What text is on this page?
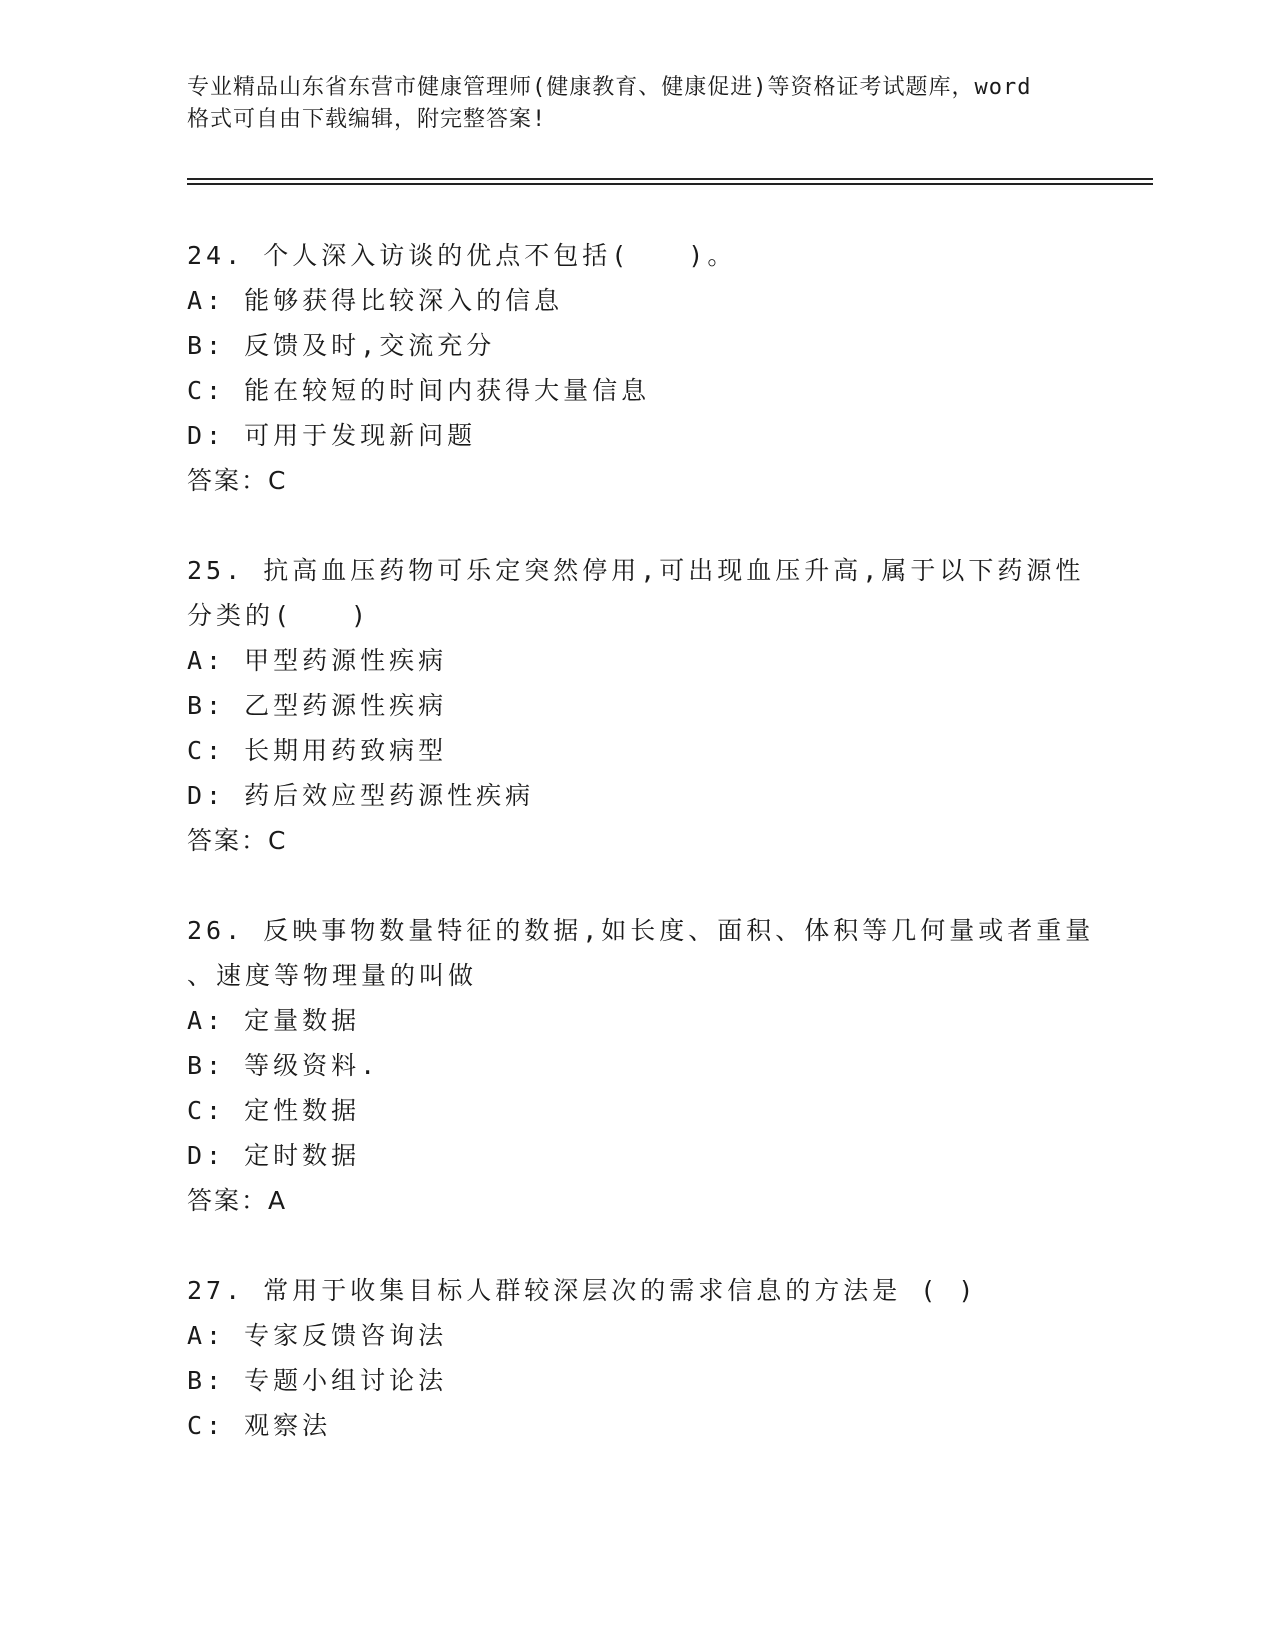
专业精品山东省东营市健康管理师(健康教育、健康促进)等资格证考试题库，word
格式可自由下载编辑，附完整答案!
24. 个人深入访谈的优点不包括(　　)。
A: 能够获得比较深入的信息
B: 反馈及时,交流充分
C: 能在较短的时间内获得大量信息
D: 可用于发现新问题
答案：C
25. 抗高血压药物可乐定突然停用,可出现血压升高,属于以下药源性
分类的(　　)
A: 甲型药源性疾病
B: 乙型药源性疾病
C: 长期用药致病型
D: 药后效应型药源性疾病
答案：C
26. 反映事物数量特征的数据,如长度、面积、体积等几何量或者重量
、速度等物理量的叫做
A: 定量数据
B: 等级资料.
C: 定性数据
D: 定时数据
答案：A
27. 常用于收集目标人群较深层次的需求信息的方法是 ( )
A: 专家反馈咨询法
B: 专题小组讨论法
C: 观察法
